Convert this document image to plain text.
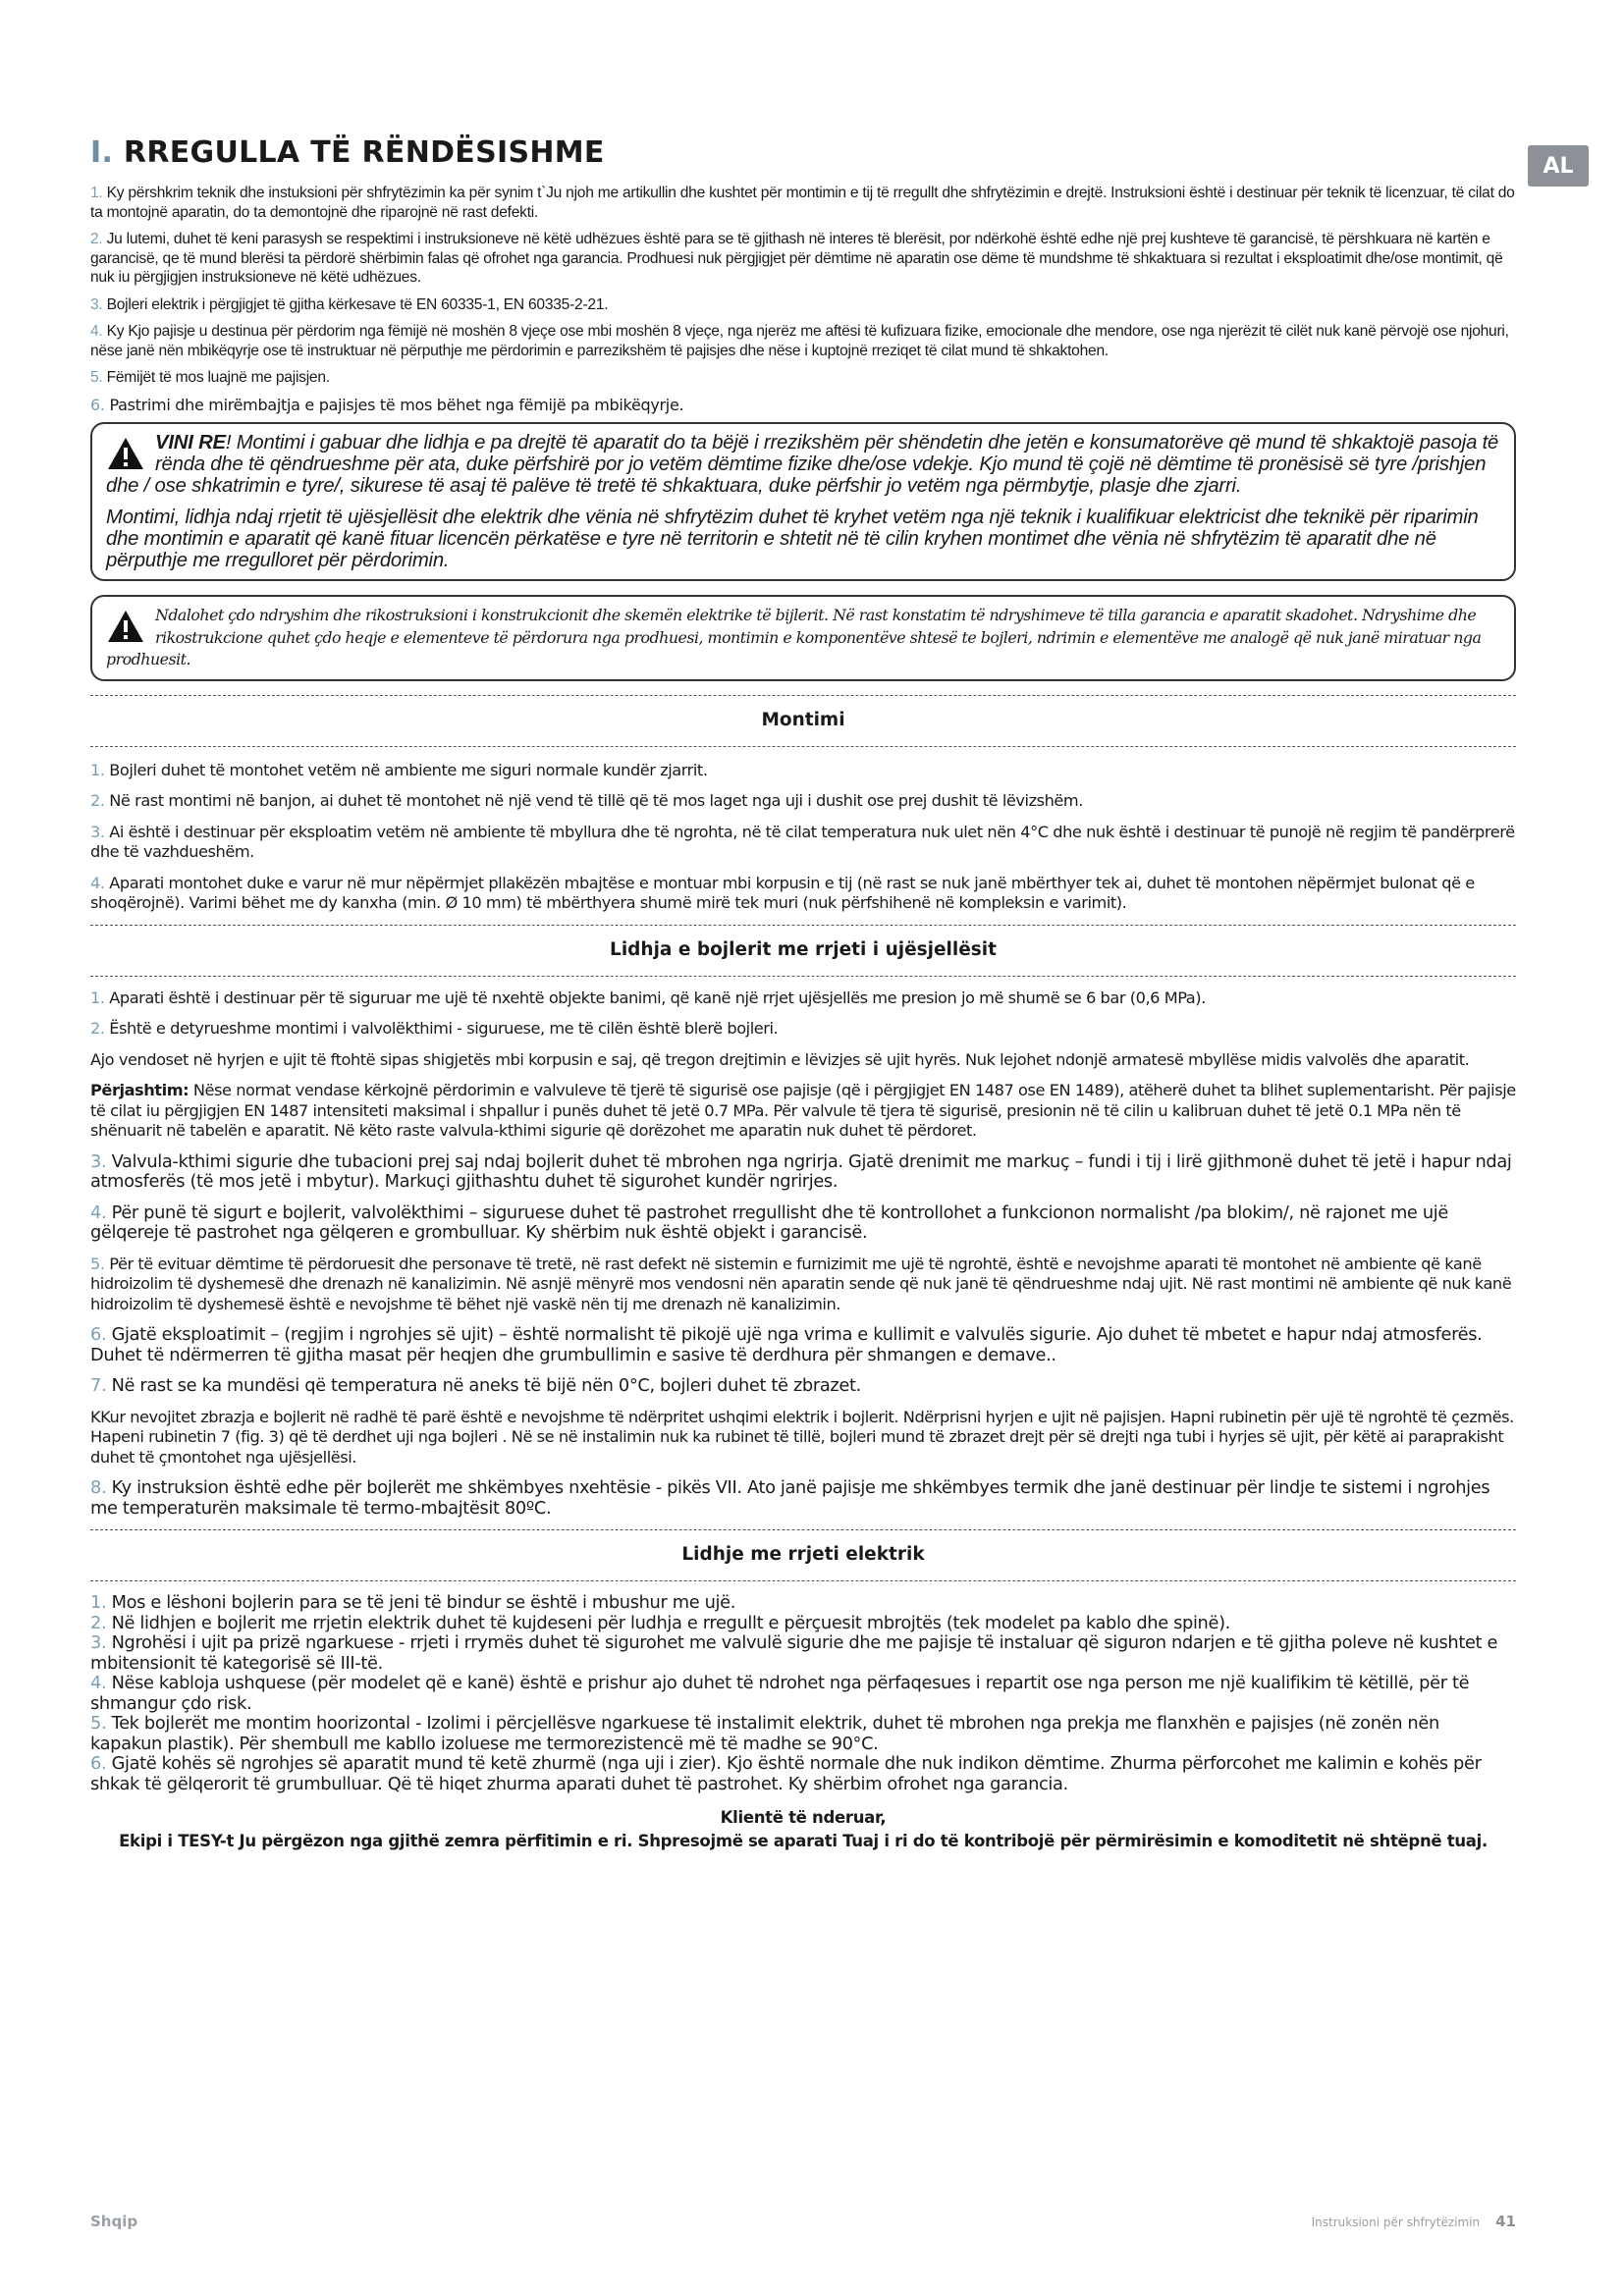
AL
I. RREGULLA TË RËNDËSISHME

1. Ky përshkrim teknik dhe instuksioni për shfrytëzimin ka për synim t`Ju njoh me artikullin dhe kushtet për montimin e tij të rregullt dhe shfrytëzimin e drejtë. Instruksioni është i destinuar për teknik të licenzuar, të cilat do ta montojnë aparatin, do ta demontojnë dhe riparojnë në rast defekti.

2. Ju lutemi, duhet të keni parasysh se respektimi i instruksioneve në këtë udhëzues është para se të gjithash në interes të blerësit, por ndërkohë është edhe një prej kushteve të garancisë, të përshkuara në kartën e garancisë, qe të mund blerësi ta përdorë shërbimin falas që ofrohet nga garancia. Prodhuesi nuk përgjigjet për dëmtime në aparatin ose dëme të mundshme të shkaktuara si rezultat i eksploatimit dhe/ose montimit, që nuk iu përgjigjen instruksioneve në këtë udhëzues.

3. Bojleri elektrik i përgjigjet të gjitha kërkesave të EN 60335-1, EN 60335-2-21.

4. Ky Kjo pajisje u destinua për përdorim nga fëmijë në moshën 8 vjeçe ose mbi moshën 8 vjeçe, nga njerëz me aftësi të kufizuara fizike, emocionale dhe mendore, ose nga njerëzit të cilët nuk kanë përvojë ose njohuri, nëse janë nën mbikëqyrje ose të instruktuar në përputhje me përdorimin e parrezikshëm të pajisjes dhe nëse i kuptojnë rreziqet të cilat mund të shkaktohen.

5. Fëmijët të mos luajnë me pajisjen.

6. Pastrimi dhe mirëmbajtja e pajisjes të mos bëhet nga fëmijë pa mbikëqyrje.

VINI RE! Montimi i gabuar dhe lidhja e pa drejtë të aparatit do ta bëjë i rrezikshëm për shëndetin dhe jetën e konsumatorëve që mund të shkaktojë pasoja të rënda dhe të qëndrueshme për ata, duke përfshirë por jo vetëm dëmtime fizike dhe/ose vdekje. Kjo mund të çojë në dëmtime të pronësisë së tyre /prishjen dhe / ose shkatrimin e tyre/, sikurese të asaj të palëve të tretë të shkaktuara, duke përfshir jo vetëm nga përmbytje, plasje dhe zjarri.

Montimi, lidhja ndaj rrjetit të ujësjellësit dhe elektrik dhe vënia në shfrytëzim duhet të kryhet vetëm nga një teknik i kualifikuar elektricist dhe teknikë për riparimin dhe montimin e aparatit që kanë fituar licencën përkatëse e tyre në territorin e shtetit në të cilin kryhen montimet dhe vënia në shfrytëzim të aparatit dhe në përputhje me rregulloret për përdorimin.

Ndalohet çdo ndryshim dhe rikostruksioni i konstrukcionit dhe skemën elektrike të bijlerit. Në rast konstatim të ndryshimeve të tilla garancia e aparatit skadohet. Ndryshime dhe rikostrukcione quhet çdo heqje e elementeve të përdorura nga prodhuesi, montimin e komponentëve shtesë te bojleri, ndrimin e elementëve me analogë që nuk janë miratuar nga prodhuesit.

Montimi

1. Bojleri duhet të montohet vetëm në ambiente me siguri normale kundër zjarrit.

2. Në rast montimi në banjon, ai duhet të montohet në një vend të tillë që të mos laget nga uji i dushit ose prej dushit të lëvizshëm.

3. Ai është i destinuar për eksploatim vetëm në ambiente të mbyllura dhe të ngrohta, në të cilat temperatura nuk ulet nën 4°C dhe nuk është i destinuar të punojë në regjim të pandërprerë dhe të vazhdueshëm.

4. Aparati montohet duke e varur në mur nëpërmjet pllakëzën mbajtëse e montuar mbi korpusin e tij (në rast se nuk janë mbërthyer tek ai, duhet të montohen nëpërmjet bulonat që e shoqërojnë). Varimi bëhet me dy kanxha (min. Ø 10 mm) të mbërthyera shumë mirë tek muri (nuk përfshihenë në kompleksin e varimit).

Lidhja e bojlerit me rrjeti i ujësjellësit

1. Aparati është i destinuar për të siguruar me ujë të nxehtë objekte banimi, që kanë një rrjet ujësjellës me presion jo më shumë se 6 bar (0,6 MPa).

2. Është e detyrueshme montimi i valvolëkthimi - siguruese, me të cilën është blerë bojleri.

Ajo vendoset në hyrjen e ujit të ftohtë sipas shigjetës mbi korpusin e saj, që tregon drejtimin e lëvizjes së ujit hyrës. Nuk lejohet ndonjë armatesë mbyllëse midis valvolës dhe aparatit.

Përjashtim: Nëse normat vendase kërkojnë përdorimin e valvuleve të tjerë të sigurisë ose pajisje (që i përgjigjet EN 1487 ose EN 1489), atëherë duhet ta blihet suplementarisht. Për pajisje të cilat iu përgjigjen EN 1487 intensiteti maksimal i shpallur i punës duhet të jetë 0.7 MPa. Për valvule të tjera të sigurisë, presionin në të cilin u kalibruan duhet të jetë 0.1 MPa nën të shënuarit në tabelën e aparatit. Në këto raste valvula-kthimi sigurie që dorëzohet me aparatin nuk duhet të përdoret.

3. Valvula-kthimi sigurie dhe tubacioni prej saj ndaj bojlerit duhet të mbrohen nga ngrirja. Gjatë drenimit me markuç – fundi i tij i lirë gjithmonë duhet të jetë i hapur ndaj atmosferës (të mos jetë i mbytur). Markuçi gjithashtu duhet të sigurohet kundër ngrirjes.

4. Për punë të sigurt e bojlerit, valvolëkthimi – siguruese duhet të pastrohet rregullisht dhe të kontrollohet a funkcionon normalisht /pa blokim/, në rajonet me ujë gëlqereje të pastrohet nga gëlqeren e grombulluar. Ky shërbim nuk është objekt i garancisë.

5. Për të evituar dëmtime të përdoruesit dhe personave të tretë, në rast defekt në sistemin e furnizimit me ujë të ngrohtë, është e nevojshme aparati të montohet në ambiente që kanë hidroizolim të dyshemesë dhe drenazh në kanalizimin. Në asnjë mënyrë mos vendosni nën aparatin sende që nuk janë të qëndrueshme ndaj ujit. Në rast montimi në ambiente që nuk kanë hidroizolim të dyshemesë është e nevojshme të bëhet një vaskë nën tij me drenazh në kanalizimin.

6. Gjatë eksploatimit – (regjim i ngrohjes së ujit) – është normalisht të pikojë ujë nga vrima e kullimit e valvulës sigurie. Ajo duhet të mbetet e hapur ndaj atmosferës. Duhet të ndërmerren të gjitha masat për heqjen dhe grumbullimin e sasive të derdhura për shmangen e demave..

7. Në rast se ka mundësi që temperatura në aneks të bijë nën 0°C, bojleri duhet të zbrazet.

KKur nevojitet zbrazja e bojlerit në radhë të parë është e nevojshme të ndërpritet ushqimi elektrik i bojlerit. Ndërprisni hyrjen e ujit në pajisjen. Hapni rubinetin për ujë të ngrohtë të çezmës. Hapeni rubinetin 7 (fig. 3) që të derdhet uji nga bojleri . Në se në instalimin nuk ka rubinet të tillë, bojleri mund të zbrazet drejt për së drejti nga tubi i hyrjes së ujit, për këtë ai paraprakisht duhet të çmontohet nga ujësjellësi.

8. Ky instruksion është edhe për bojlerët me shkëmbyes nxehtësie - pikës VII. Ato janë pajisje me shkëmbyes termik dhe janë destinuar për lindje te sistemi i ngrohjes me temperaturën maksimale të termo-mbajtësit 80ºC.

Lidhje me rrjeti elektrik

1. Mos e lëshoni bojlerin para se të jeni të bindur se është i mbushur me ujë.

2. Në lidhjen e bojlerit me rrjetin elektrik duhet të kujdeseni për ludhja e rregullt e përçuesit mbrojtës (tek modelet pa kablo dhe spinë).

3. Ngrohësi i ujit pa prizë ngarkuese - rrjeti i rrymës duhet të sigurohet me valvulë sigurie dhe me pajisje të instaluar që siguron ndarjen e të gjitha poleve në kushtet e mbitensionit të kategorisë së III-të.

4. Nëse kabloja ushquese (për modelet që e kanë) është e prishur ajo duhet të ndrohet nga përfaqesues i repartit ose nga person me një kualifikim të këtillë, për të shmangur çdo risk.

5. Tek bojlerët me montim hoorizontal - Izolimi i përcjellësve ngarkuese të instalimit elektrik, duhet të mbrohen nga prekja me flanxhën e pajisjes (në zonën nën kapakun plastik). Për shembull me kabllo izoluese me termorezistencë më të madhe se 90°C.

6. Gjatë kohës së ngrohjes së aparatit mund të ketë zhurmë (nga uji i zier). Kjo është normale dhe nuk indikon dëmtime. Zhurma përforcohet me kalimin e kohës për shkak të gëlqerorit të grumbulluar. Që të hiqet zhurma aparati duhet të pastrohet. Ky shërbim ofrohet nga garancia.

Klientë të nderuar,
Ekipi i TESY-t Ju përgëzon nga gjithë zemra përfitimin e ri. Shpresojmë se aparati Tuaj i ri do të kontribojë për përmirësimin e komoditetit në shtëpnë tuaj.
Shqip	Instruksioni për shfrytëzimin 41
